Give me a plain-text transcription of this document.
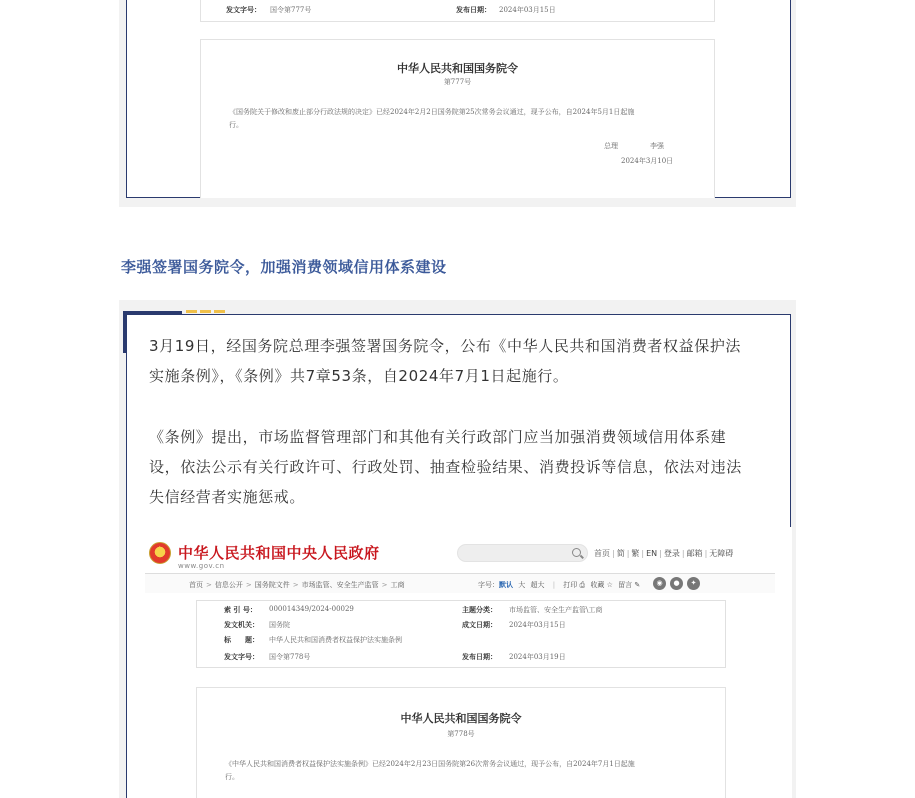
发文字号： 国令第777号	发布日期： 2024年03月15日
中华人民共和国国务院令
第777号
《国务院关于修改和废止部分行政法规的决定》已经2024年2月2日国务院第25次常务会议通过，现予公布，自2024年5月1日起施
行。
总理	李强
2024年3月10日
李强签署国务院令，加强消费领域信用体系建设
3月19日，经国务院总理李强签署国务院令，公布《中华人民共和国消费者权益保护法
实施条例》，《条例》共7章53条，自2024年7月1日起施行。
《条例》提出，市场监督管理部门和其他有关行政部门应当加强消费领域信用体系建
设，依法公示有关行政许可、行政处罚、抽查检验结果、消费投诉等信息，依法对违法
失信经营者实施惩戒。
★
中华人民共和国中央人民政府
www.gov.cn
首页 | 简 | 繁 | EN | 登录 | 邮箱 | 无障碍
首页 > 信息公开 > 国务院文件 > 市场监管、安全生产监管 > 工商	字号：默认 大 超大 | 打印 ⎙ 收藏 ☆ 留言 ✎	◉	●	✦
索 引 号： 000014349/2024-00029	主题分类： 市场监管、安全生产监管\工商
发文机关： 国务院	成文日期： 2024年03月15日
标　　题： 中华人民共和国消费者权益保护法实施条例
发文字号： 国令第778号	发布日期： 2024年03月19日
中华人民共和国国务院令
第778号
《中华人民共和国消费者权益保护法实施条例》已经2024年2月23日国务院第26次常务会议通过，现予公布，自2024年7月1日起施
行。
